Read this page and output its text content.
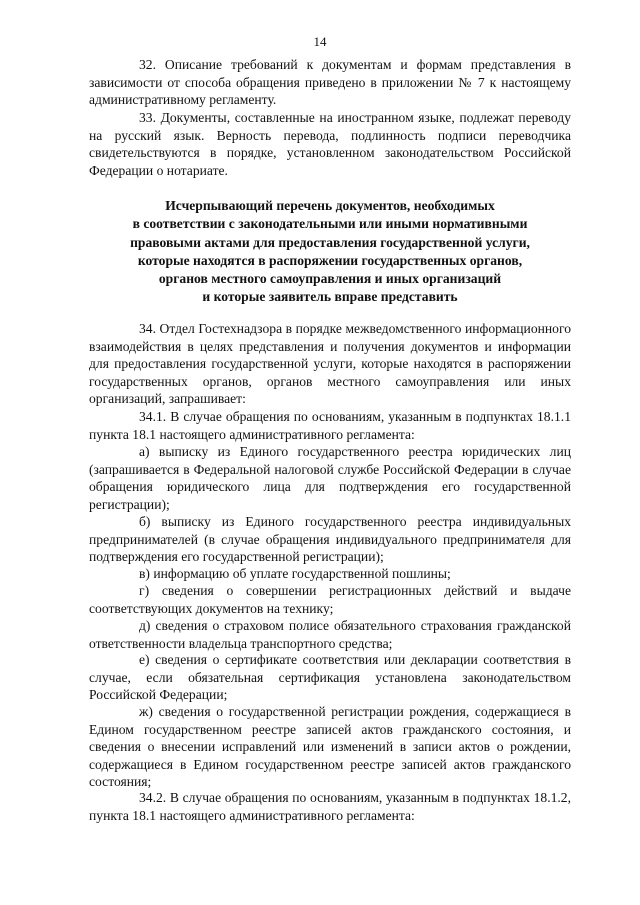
14

32. Описание требований к документам и формам представления в зависимости от способа обращения приведено в приложении № 7 к настоящему административному регламенту.

33. Документы, составленные на иностранном языке, подлежат переводу на русский язык. Верность перевода, подлинность подписи переводчика свидетельствуются в порядке, установленном законодательством Российской Федерации о нотариате.

Исчерпывающий перечень документов, необходимых
в соответствии с законодательными или иными нормативными
правовыми актами для предоставления государственной услуги,
которые находятся в распоряжении государственных органов,
органов местного самоуправления и иных организаций
и которые заявитель вправе представить

34. Отдел Гостехнадзора в порядке межведомственного информационного взаимодействия в целях представления и получения документов и информации для предоставления государственной услуги, которые находятся в распоряжении государственных органов, органов местного самоуправления или иных организаций, запрашивает:

34.1. В случае обращения по основаниям, указанным в подпунктах 18.1.1 пункта 18.1 настоящего административного регламента:

а) выписку из Единого государственного реестра юридических лиц (запрашивается в Федеральной налоговой службе Российской Федерации в случае обращения юридического лица для подтверждения его государственной регистрации);

б) выписку из Единого государственного реестра индивидуальных предпринимателей (в случае обращения индивидуального предпринимателя для подтверждения его государственной регистрации);

в) информацию об уплате государственной пошлины;

г) сведения о совершении регистрационных действий и выдаче соответствующих документов на технику;

д) сведения о страховом полисе обязательного страхования гражданской ответственности владельца транспортного средства;

е) сведения о сертификате соответствия или декларации соответствия в случае, если обязательная сертификация установлена законодательством Российской Федерации;

ж) сведения о государственной регистрации рождения, содержащиеся в Едином государственном реестре записей актов гражданского состояния, и сведения о внесении исправлений или изменений в записи актов о рождении, содержащиеся в Едином государственном реестре записей актов гражданского состояния;

34.2. В случае обращения по основаниям, указанным в подпунктах 18.1.2, пункта 18.1 настоящего административного регламента:
